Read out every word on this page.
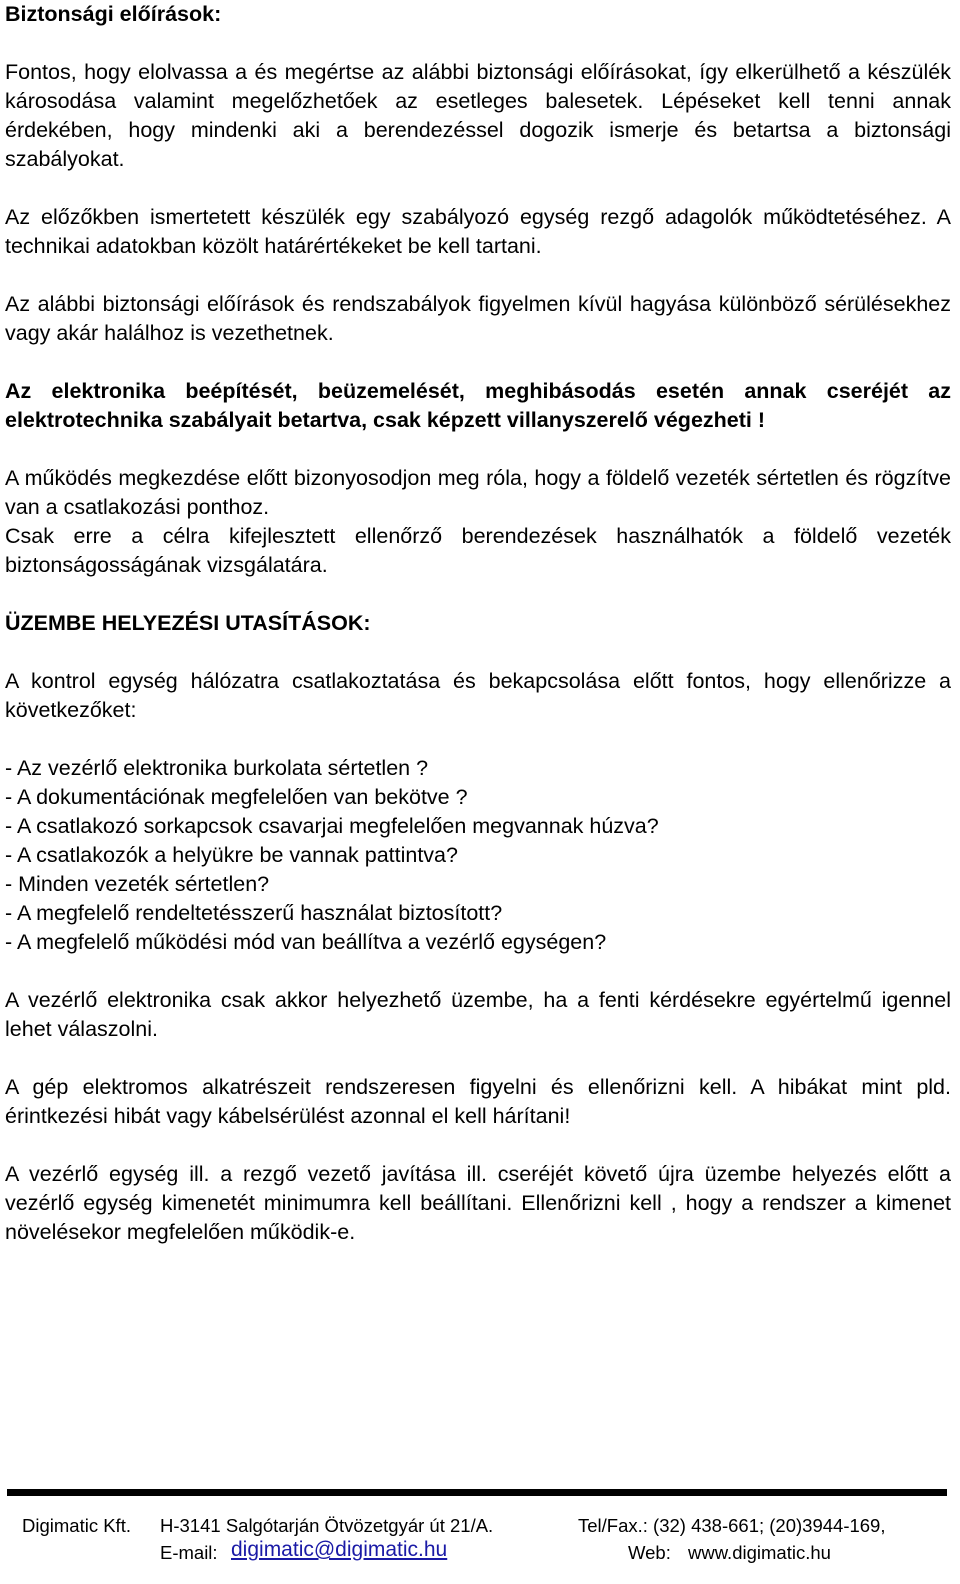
Biztonsági előírások:

Fontos, hogy elolvassa a és megértse az alábbi biztonsági előírásokat, így elkerülhető a készülék károsodása valamint megelőzhetőek az esetleges balesetek. Lépéseket kell tenni annak érdekében, hogy mindenki aki a berendezéssel dogozik ismerje és betartsa a biztonsági szabályokat.

Az előzőkben ismertetett készülék egy szabályozó egység rezgő adagolók működtetéséhez. A technikai adatokban közölt határértékeket be kell tartani.

Az alábbi biztonsági előírások és rendszabályok figyelmen kívül hagyása különböző sérülésekhez vagy akár halálhoz is vezethetnek.

Az elektronika beépítését, beüzemelését, meghibásodás esetén annak cseréjét az elektrotechnika szabályait betartva, csak képzett villanyszerelő végezheti !

A működés megkezdése előtt bizonyosodjon meg róla, hogy a földelő vezeték sértetlen és rögzítve van a csatlakozási ponthoz.

Csak erre a célra kifejlesztett ellenőrző berendezések használhatók a földelő vezeték biztonságosságának vizsgálatára.

ÜZEMBE HELYEZÉSI UTASÍTÁSOK:

A kontrol egység hálózatra csatlakoztatása és bekapcsolása előtt fontos, hogy ellenőrizze a következőket:

- Az vezérlő elektronika burkolata sértetlen ?
- A dokumentációnak megfelelően van bekötve ?
- A csatlakozó sorkapcsok csavarjai megfelelően megvannak húzva?
- A csatlakozók a helyükre be vannak pattintva?
- Minden vezeték sértetlen?
- A megfelelő rendeltetésszerű használat biztosított?
- A megfelelő működési mód van beállítva a vezérlő egységen?

A vezérlő elektronika csak akkor helyezhető üzembe, ha a fenti kérdésekre egyértelmű igennel lehet válaszolni.

A gép elektromos alkatrészeit rendszeresen figyelni és ellenőrizni kell. A hibákat mint pld. érintkezési hibát vagy kábelsérülést azonnal el kell hárítani!

A vezérlő egység ill. a rezgő vezető javítása ill. cseréjét követő újra üzembe helyezés előtt a vezérlő egység kimenetét minimumra kell beállítani. Ellenőrizni kell , hogy a rendszer a kimenet növelésekor megfelelően működik-e.

Digimatic Kft. H-3141 Salgótarján Ötvözetgyár út 21/A.	Tel/Fax.: (32) 438-661; (20)3944-169,
E-mail: digimatic@digimatic.hu	Web: www.digimatic.hu
